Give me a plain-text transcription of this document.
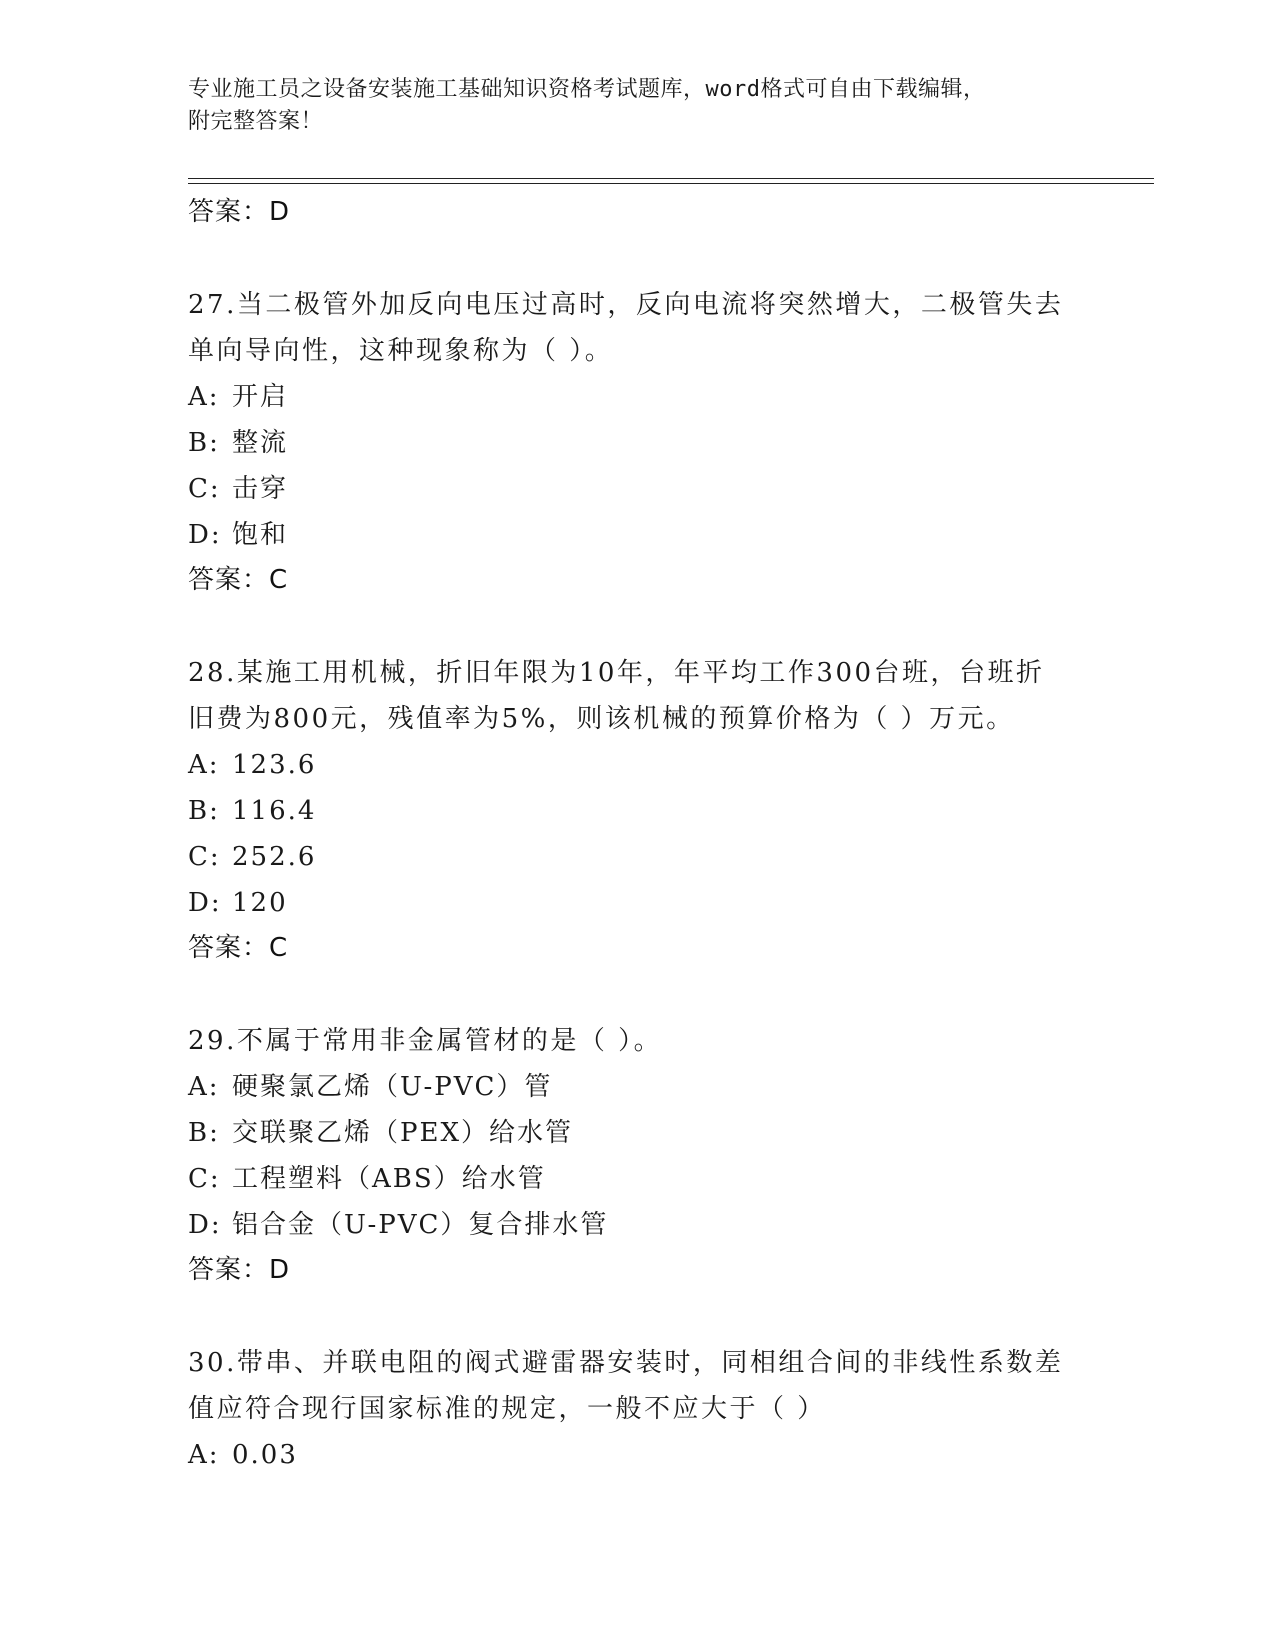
专业施工员之设备安装施工基础知识资格考试题库，word格式可自由下载编辑，
附完整答案！
答案：D
27.当二极管外加反向电压过高时，反向电流将突然增大，二极管失去
单向导向性，这种现象称为（ ）。
A: 开启
B: 整流
C: 击穿
D: 饱和
答案：C
28.某施工用机械，折旧年限为10年，年平均工作300台班，台班折
旧费为800元，残值率为5%，则该机械的预算价格为（ ）万元。
A: 123.6
B: 116.4
C: 252.6
D: 120
答案：C
29.不属于常用非金属管材的是（ ）。
A: 硬聚氯乙烯（U-PVC）管
B: 交联聚乙烯（PEX）给水管
C: 工程塑料（ABS）给水管
D: 铝合金（U-PVC）复合排水管
答案：D
30.带串、并联电阻的阀式避雷器安装时，同相组合间的非线性系数差
值应符合现行国家标准的规定，一般不应大于（ ）
A: 0.03
